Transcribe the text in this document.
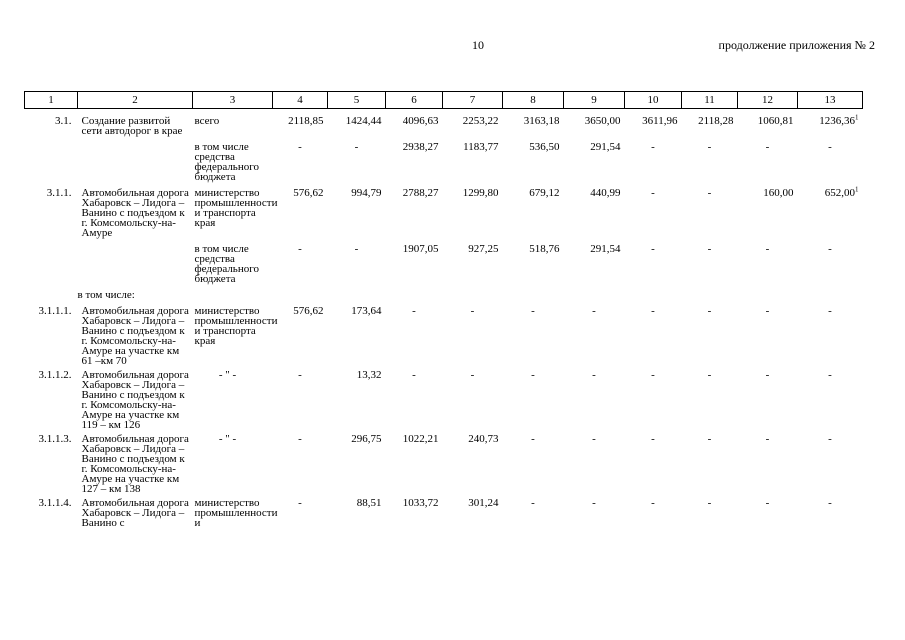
10	продолжение приложения № 2
1	2	3	4	5	6	7	8	9	10	11	12	13
3.1.	Создание развитой сети автодорог в крае	всего	2118,85	1424,44	4096,63	2253,22	3163,18	3650,00	3611,96	2118,28	1060,81	1236,36$^1$
		в том числе средства федерального бюджета	-	-	2938,27	1183,77	536,50	291,54	-	-	-	-
3.1.1.	Автомобильная дорога Хабаровск – Лидога – Ванино с подъездом к г. Комсомольску-на-Амуре	министерство промышленности и транспорта края	576,62	994,79	2788,27	1299,80	679,12	440,99	-	-	160,00	652,00$^1$
		в том числе средства федерального бюджета	-	-	1907,05	927,25	518,76	291,54	-	-	-	-
	в том числе:											
3.1.1.1.	Автомобильная дорога Хабаровск – Лидога – Ванино с подъездом к г. Комсомольску-на-Амуре на участке км 61 –км 70	министерство промышленности и транспорта края	576,62	173,64	-	-	-	-	-	-	-	-
3.1.1.2.	Автомобильная дорога Хабаровск – Лидога – Ванино с подъездом к г. Комсомольску-на-Амуре на участке км 119 – км 126	- " -	-	13,32	-	-	-	-	-	-	-	-
3.1.1.3.	Автомобильная дорога Хабаровск – Лидога – Ванино с подъездом к г. Комсомольску-на-Амуре на участке км 127 – км 138	- " -	-	296,75	1022,21	240,73	-	-	-	-	-	-
3.1.1.4.	Автомобильная дорога Хабаровск – Лидога – Ванино с	министерство промышленности и	-	88,51	1033,72	301,24	-	-	-	-	-	-
